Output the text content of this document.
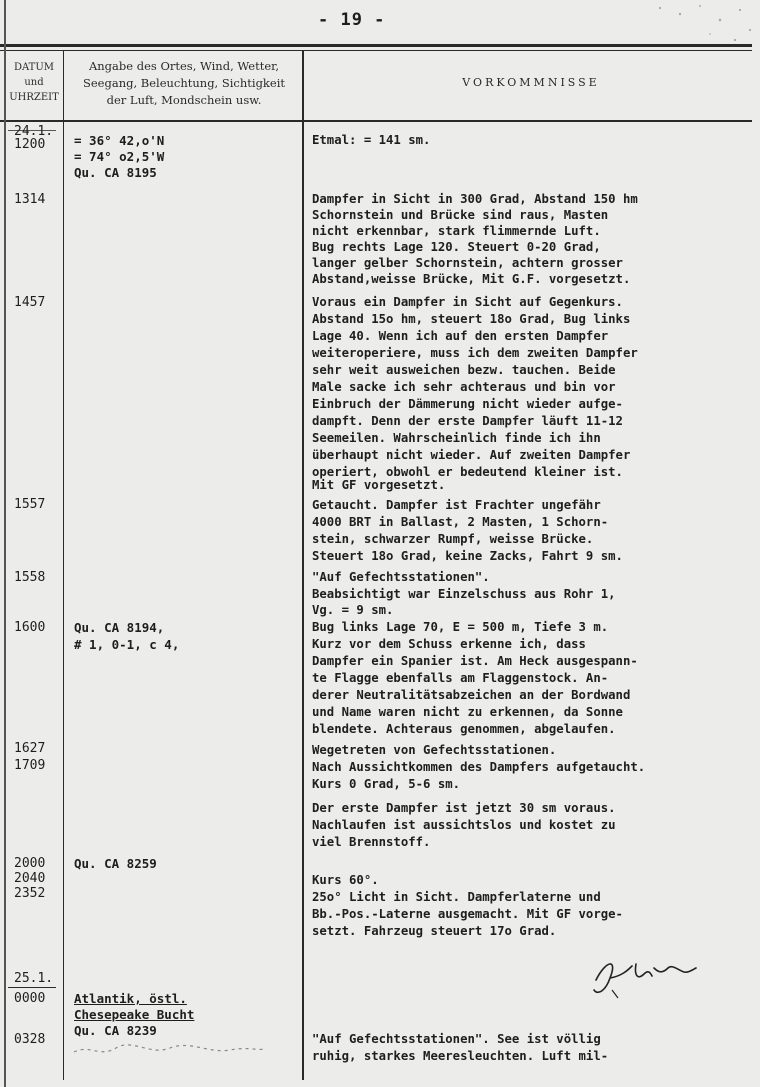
- 19 -
DATUM
und
UHRZEIT
Angabe des Ortes, Wind, Wetter,
Seegang, Beleuchtung, Sichtigkeit
der Luft, Mondschein usw.
VORKOMMNISSE
24.1.
1200
1314
1457
1557
1558
1600
1627
1709
2000
2040
2352
25.1.
0000
0328
= 36° 42,o'N
= 74° o2,5'W
Qu. CA 8195
Qu. CA 8194,
# 1, 0-1, c 4,
Qu. CA 8259
Atlantik, östl.
Chesepeake Bucht
Qu. CA 8239
Etmal: = 141 sm.
Dampfer in Sicht in 300 Grad, Abstand 150 hm
Schornstein und Brücke sind raus, Masten
nicht erkennbar, stark flimmernde Luft.
Bug rechts Lage 120. Steuert 0-20 Grad,
langer gelber Schornstein, achtern grosser
Abstand,weisse Brücke, Mit G.F. vorgesetzt.
Voraus ein Dampfer in Sicht auf Gegenkurs.
Abstand 15o hm, steuert 18o Grad, Bug links
Lage 40. Wenn ich auf den ersten Dampfer
weiteroperiere, muss ich dem zweiten Dampfer
sehr weit ausweichen bezw. tauchen. Beide
Male sacke ich sehr achteraus und bin vor
Einbruch der Dämmerung nicht wieder aufge-
dampft. Denn der erste Dampfer läuft 11-12
Seemeilen. Wahrscheinlich finde ich ihn
überhaupt nicht wieder. Auf zweiten Dampfer
operiert, obwohl er bedeutend kleiner ist.
Mit GF vorgesetzt.
Getaucht. Dampfer ist Frachter ungefähr
4000 BRT in Ballast, 2 Masten, 1 Schorn-
stein, schwarzer Rumpf, weisse Brücke.
Steuert 18o Grad, keine Zacks, Fahrt 9 sm.
"Auf Gefechtsstationen".
Beabsichtigt war Einzelschuss aus Rohr 1,
Vg. = 9 sm.
Bug links Lage 70, E = 500 m, Tiefe 3 m.
Kurz vor dem Schuss erkenne ich, dass
Dampfer ein Spanier ist. Am Heck ausgespann-
te Flagge ebenfalls am Flaggenstock. An-
derer Neutralitätsabzeichen an der Bordwand
und Name waren nicht zu erkennen, da Sonne
blendete. Achteraus genommen, abgelaufen.
Wegetreten von Gefechtsstationen.
Nach Aussichtkommen des Dampfers aufgetaucht.
Kurs 0 Grad, 5-6 sm.
Der erste Dampfer ist jetzt 30 sm voraus.
Nachlaufen ist aussichtslos und kostet zu
viel Brennstoff.
Kurs 60°.
25o° Licht in Sicht. Dampferlaterne und
Bb.-Pos.-Laterne ausgemacht. Mit GF vorge-
setzt. Fahrzeug steuert 17o Grad.
"Auf Gefechtsstationen". See ist völlig
ruhig, starkes Meeresleuchten. Luft mil-
